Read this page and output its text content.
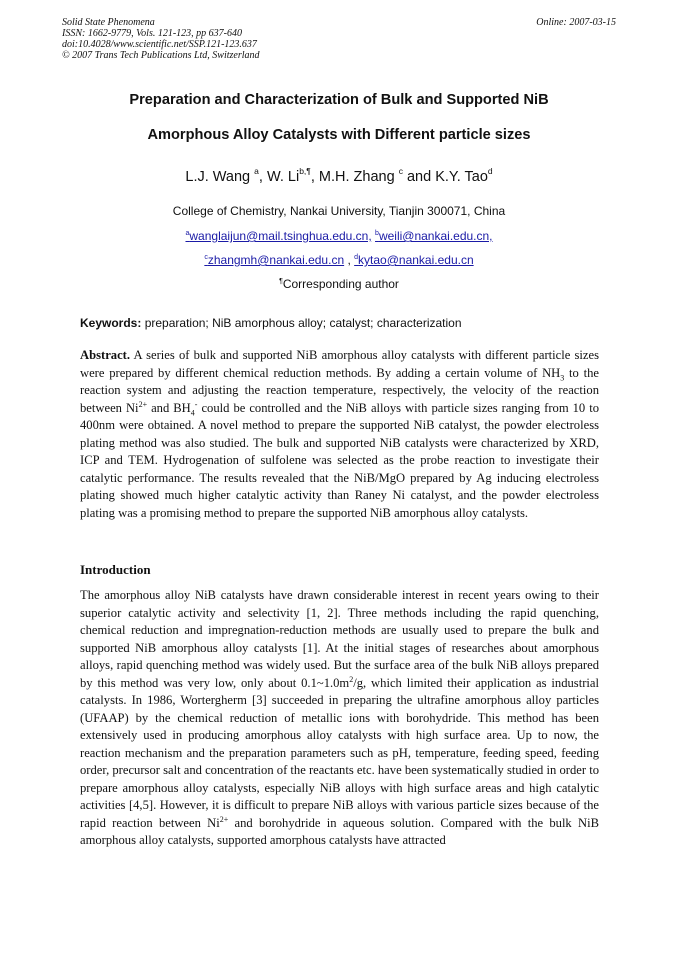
Solid State Phenomena
ISSN: 1662-9779, Vols. 121-123, pp 637-640
doi:10.4028/www.scientific.net/SSP.121-123.637
© 2007 Trans Tech Publications Ltd, Switzerland
Online: 2007-03-15
Preparation and Characterization of Bulk and Supported NiB
Amorphous Alloy Catalysts with Different particle sizes
L.J. Wang $^a$, W. $Li^{b,\P}$, M.H. Zhang $^c$ and K.Y. Tao$^d$
College of Chemistry, Nankai University, Tianjin 300071, China
$^a$wanglaijun@mail.tsinghua.edu.cn, $^b$weili@nankai.edu.cn,
$^c$zhangmh@nankai.edu.cn , $^d$kytao@nankai.edu.cn
¶Corresponding author
Keywords: preparation; NiB amorphous alloy; catalyst; characterization
Abstract. A series of bulk and supported NiB amorphous alloy catalysts with different particle sizes were prepared by different chemical reduction methods. By adding a certain volume of $NH_3$ to the reaction system and adjusting the reaction temperature, respectively, the velocity of the reaction between $Ni^{2+}$ and $BH_4^-$ could be controlled and the NiB alloys with particle sizes ranging from 10 to 400nm were obtained. A novel method to prepare the supported NiB catalyst, the powder electroless plating method was also studied. The bulk and supported NiB catalysts were characterized by XRD, ICP and TEM. Hydrogenation of sulfolene was selected as the probe reaction to investigate their catalytic performance. The results revealed that the NiB/MgO prepared by Ag inducing electroless plating showed much higher catalytic activity than Raney Ni catalyst, and the powder electroless plating was a promising method to prepare the supported NiB amorphous alloy catalysts.
Introduction
The amorphous alloy NiB catalysts have drawn considerable interest in recent years owing to their superior catalytic activity and selectivity [1, 2]. Three methods including the rapid quenching, chemical reduction and impregnation-reduction methods are usually used to prepare the bulk and supported NiB amorphous alloy catalysts [1]. At the initial stages of researches about amorphous alloys, rapid quenching method was widely used. But the surface area of the bulk NiB alloys prepared by this method was very low, only about $0.1\sim 1.0m^2/g$, which limited their application as industrial catalysts. In 1986, Wortergherm [3] succeeded in preparing the ultrafine amorphous alloy particles (UFAAP) by the chemical reduction of metallic ions with borohydride. This method has been extensively used in producing amorphous alloy catalysts with high surface area. Up to now, the reaction mechanism and the preparation parameters such as pH, temperature, feeding speed, feeding order, precursor salt and concentration of the reactants etc. have been systematically studied in order to prepare amorphous alloy catalysts, especially NiB alloys with high surface areas and high catalytic activities [4,5]. However, it is difficult to prepare NiB alloys with various particle sizes because of the rapid reaction between $Ni^{2+}$ and borohydride in aqueous solution. Compared with the bulk NiB amorphous alloy catalysts, supported amorphous catalysts have attracted
